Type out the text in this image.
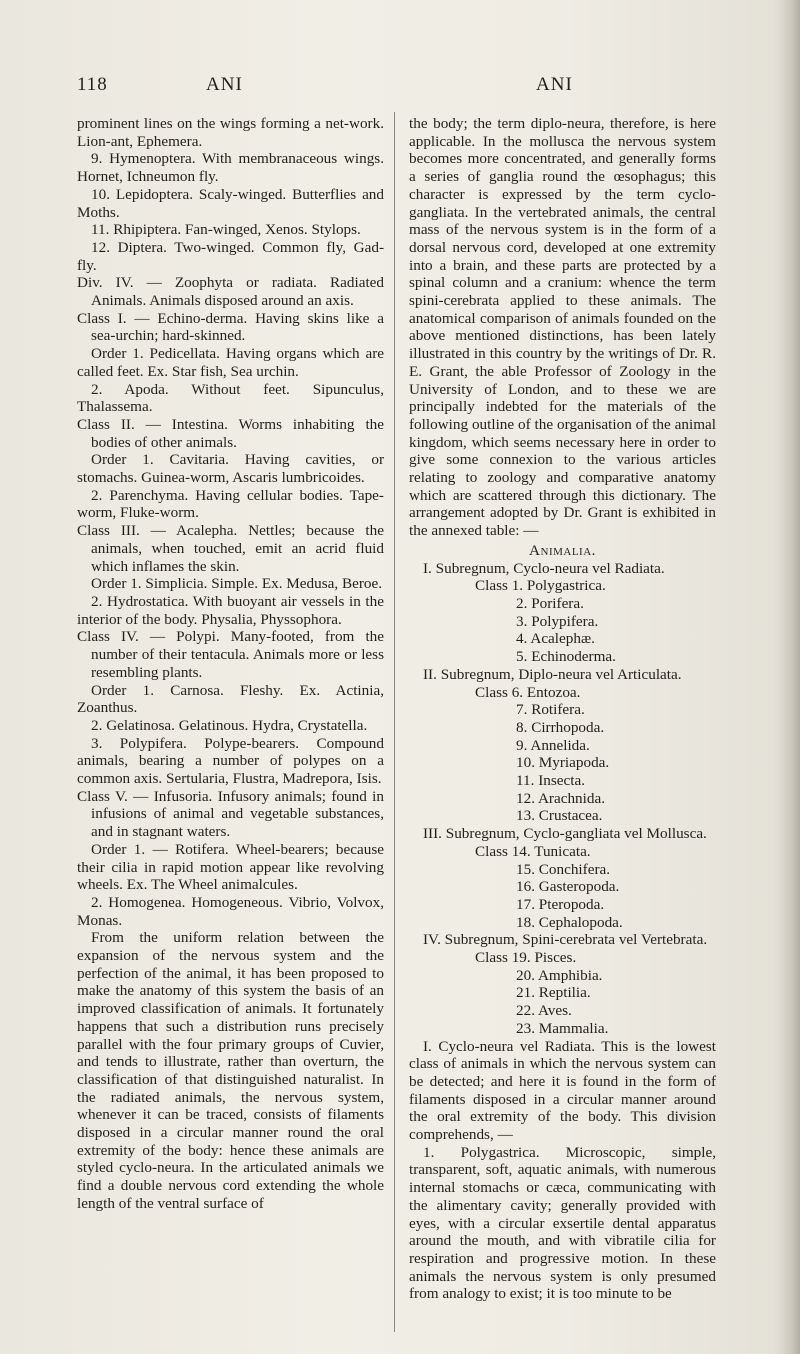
118	ANI	ANI

prominent lines on the wings forming a net-work. Lion-ant, Ephemera.

9. Hymenoptera. With membranaceous wings. Hornet, Ichneumon fly.

10. Lepidoptera. Scaly-winged. Butterflies and Moths.

11. Rhipiptera. Fan-winged, Xenos. Stylops.

12. Diptera. Two-winged. Common fly, Gad-fly.

Div. IV. — Zoophyta or radiata. Radiated Animals. Animals disposed around an axis.

Class I. — Echino-derma. Having skins like a sea-urchin; hard-skinned.

Order 1. Pedicellata. Having organs which are called feet. Ex. Star fish, Sea urchin.

2. Apoda. Without feet. Sipunculus, Thalassema.

Class II. — Intestina. Worms inhabiting the bodies of other animals.

Order 1. Cavitaria. Having cavities, or stomachs. Guinea-worm, Ascaris lumbricoides.

2. Parenchyma. Having cellular bodies. Tape-worm, Fluke-worm.

Class III. — Acalepha. Nettles; because the animals, when touched, emit an acrid fluid which inflames the skin.

Order 1. Simplicia. Simple. Ex. Medusa, Beroe.

2. Hydrostatica. With buoyant air vessels in the interior of the body. Physalia, Physsophora.

Class IV. — Polypi. Many-footed, from the number of their tentacula. Animals more or less resembling plants.

Order 1. Carnosa. Fleshy. Ex. Actinia, Zoanthus.

2. Gelatinosa. Gelatinous. Hydra, Crystatella.

3. Polypifera. Polype-bearers. Compound animals, bearing a number of polypes on a common axis. Sertularia, Flustra, Madrepora, Isis.

Class V. — Infusoria. Infusory animals; found in infusions of animal and vegetable substances, and in stagnant waters.

Order 1. — Rotifera. Wheel-bearers; because their cilia in rapid motion appear like revolving wheels. Ex. The Wheel animalcules.

2. Homogenea. Homogeneous. Vibrio, Volvox, Monas.

From the uniform relation between the expansion of the nervous system and the perfection of the animal, it has been proposed to make the anatomy of this system the basis of an improved classification of animals. It fortunately happens that such a distribution runs precisely parallel with the four primary groups of Cuvier, and tends to illustrate, rather than overturn, the classification of that distinguished naturalist. In the radiated animals, the nervous system, whenever it can be traced, consists of filaments disposed in a circular manner round the oral extremity of the body: hence these animals are styled cyclo-neura. In the articulated animals we find a double nervous cord extending the whole length of the ventral surface of

the body; the term diplo-neura, therefore, is here applicable. In the mollusca the nervous system becomes more concentrated, and generally forms a series of ganglia round the œsophagus; this character is expressed by the term cyclo-gangliata. In the vertebrated animals, the central mass of the nervous system is in the form of a dorsal nervous cord, developed at one extremity into a brain, and these parts are protected by a spinal column and a cranium: whence the term spini-cerebrata applied to these animals. The anatomical comparison of animals founded on the above mentioned distinctions, has been lately illustrated in this country by the writings of Dr. R. E. Grant, the able Professor of Zoology in the University of London, and to these we are principally indebted for the materials of the following outline of the organisation of the animal kingdom, which seems necessary here in order to give some connexion to the various articles relating to zoology and comparative anatomy which are scattered through this dictionary. The arrangement adopted by Dr. Grant is exhibited in the annexed table: —

Animalia.

I. Subregnum, Cyclo-neura vel Radiata.

Class 1. Polygastrica.

2. Porifera.

3. Polypifera.

4. Acalephæ.

5. Echinoderma.

II. Subregnum, Diplo-neura vel Articulata.

Class 6. Entozoa.

7. Rotifera.

8. Cirrhopoda.

9. Annelida.

10. Myriapoda.

11. Insecta.

12. Arachnida.

13. Crustacea.

III. Subregnum, Cyclo-gangliata vel Mollusca.

Class 14. Tunicata.

15. Conchifera.

16. Gasteropoda.

17. Pteropoda.

18. Cephalopoda.

IV. Subregnum, Spini-cerebrata vel Vertebrata.

Class 19. Pisces.

20. Amphibia.

21. Reptilia.

22. Aves.

23. Mammalia.

I. Cyclo-neura vel Radiata. This is the lowest class of animals in which the nervous system can be detected; and here it is found in the form of filaments disposed in a circular manner around the oral extremity of the body. This division comprehends, —

1. Polygastrica. Microscopic, simple, transparent, soft, aquatic animals, with numerous internal stomachs or cæca, communicating with the alimentary cavity; generally provided with eyes, with a circular exsertile dental apparatus around the mouth, and with vibratile cilia for respiration and progressive motion. In these animals the nervous system is only presumed from analogy to exist; it is too minute to be
